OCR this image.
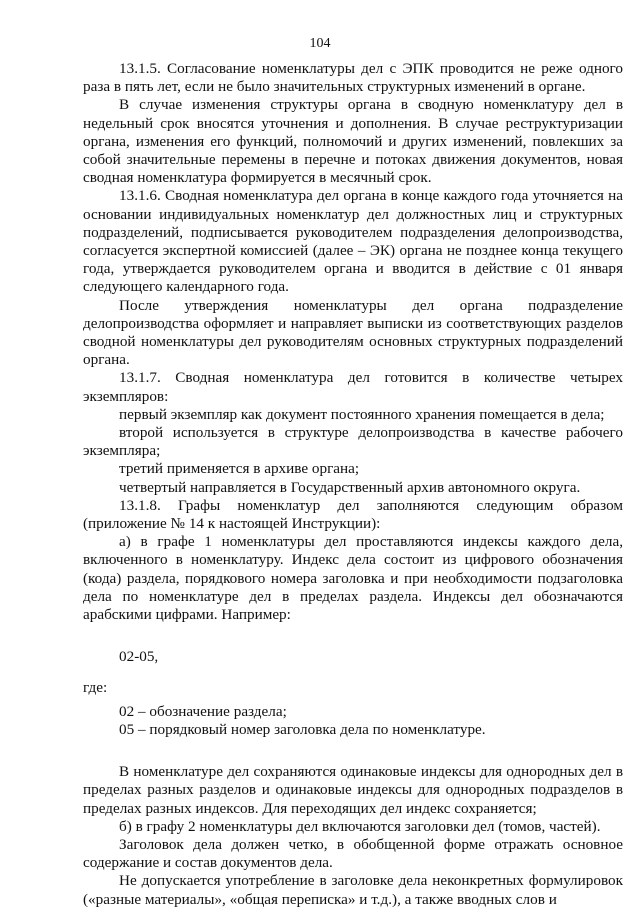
104

13.1.5. Согласование номенклатуры дел с ЭПК проводится не реже одного раза в пять лет, если не было значительных структурных изменений в органе.

В случае изменения структуры органа в сводную номенклатуру дел в недельный срок вносятся уточнения и дополнения. В случае реструктуризации органа, изменения его функций, полномочий и других изменений, повлекших за собой значительные перемены в перечне и потоках движения документов, новая сводная номенклатура формируется в месячный срок.

13.1.6. Сводная номенклатура дел органа в конце каждого года уточняется на основании индивидуальных номенклатур дел должностных лиц и структурных подразделений, подписывается руководителем подразделения делопроизводства, согласуется экспертной комиссией (далее – ЭК) органа не позднее конца текущего года, утверждается руководителем органа и вводится в действие с 01 января следующего календарного года.

После утверждения номенклатуры дел органа подразделение делопроизводства оформляет и направляет выписки из соответствующих разделов сводной номенклатуры дел руководителям основных структурных подразделений органа.

13.1.7. Сводная номенклатура дел готовится в количестве четырех экземпляров:

первый экземпляр как документ постоянного хранения помещается в дела;

второй используется в структуре делопроизводства в качестве рабочего экземпляра;

третий применяется в архиве органа;

четвертый направляется в Государственный архив автономного округа.

13.1.8. Графы номенклатур дел заполняются следующим образом (приложение № 14 к настоящей Инструкции):

а) в графе 1 номенклатуры дел проставляются индексы каждого дела, включенного в номенклатуру. Индекс дела состоит из цифрового обозначения (кода) раздела, порядкового номера заголовка и при необходимости подзаголовка дела по номенклатуре дел в пределах раздела. Индексы дел обозначаются арабскими цифрами. Например:

02-05,

где:

02 – обозначение раздела;

05 – порядковый номер заголовка дела по номенклатуре.

В номенклатуре дел сохраняются одинаковые индексы для однородных дел в пределах разных разделов и одинаковые индексы для однородных подразделов в пределах разных индексов. Для переходящих дел индекс сохраняется;

б) в графу 2 номенклатуры дел включаются заголовки дел (томов, частей).

Заголовок дела должен четко, в обобщенной форме отражать основное содержание и состав документов дела.

Не допускается употребление в заголовке дела неконкретных формулировок («разные материалы», «общая переписка» и т.д.), а также вводных слов и
